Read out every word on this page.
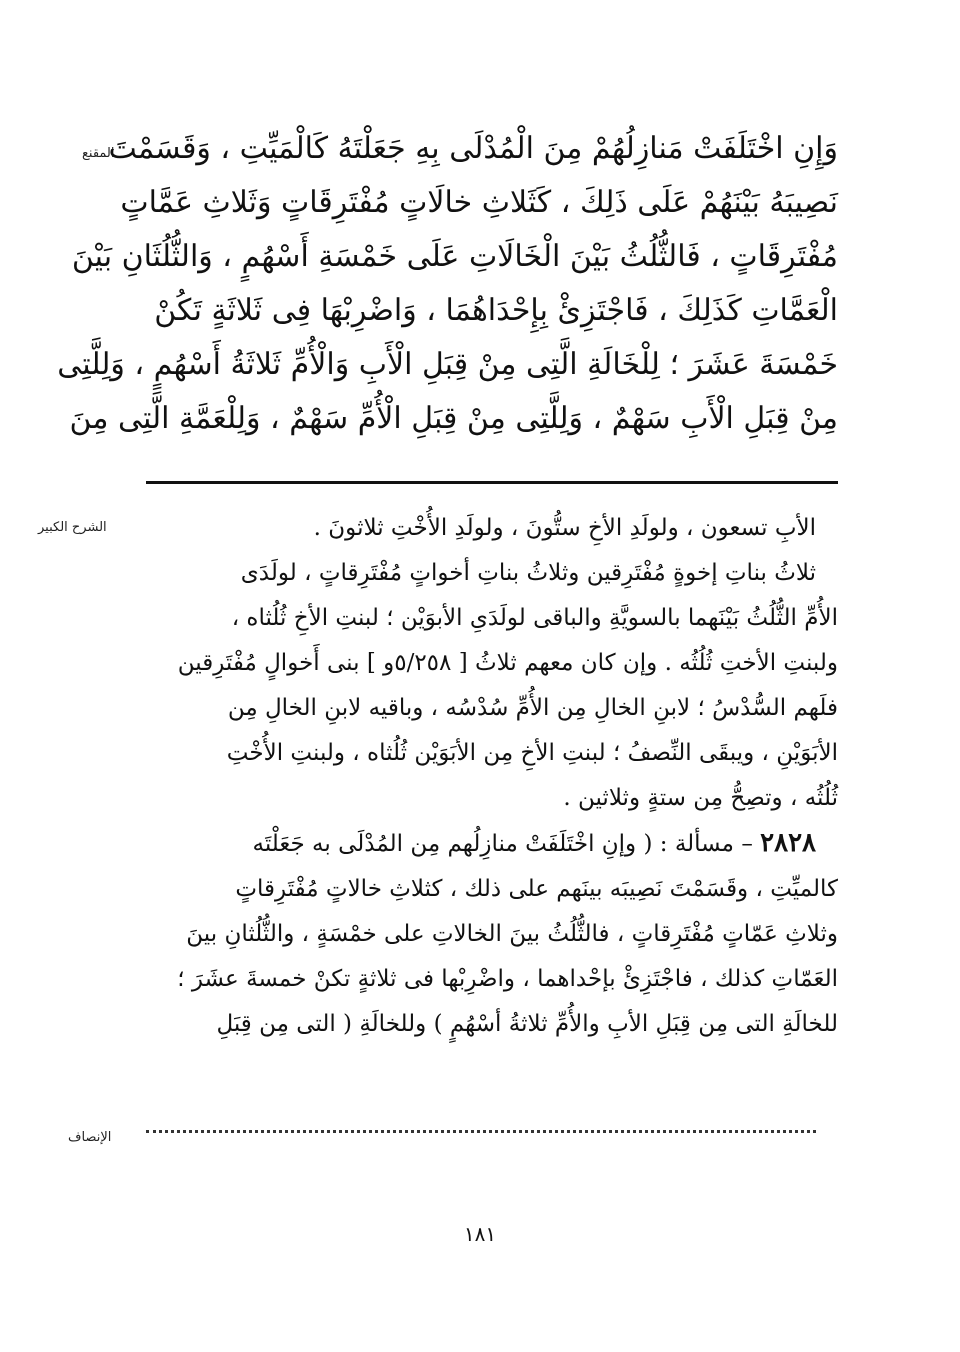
المقنع
الشرح الكبير
الإنصاف
وَإِنِ اخْتَلَفَتْ مَنازِلُهُمْ مِنَ الْمُدْلَى بِهِ جَعَلْتَهُ كَالْمَيِّتِ ، وَقَسَمْتَ
نَصِيبَهُ بَيْنَهُمْ عَلَى ذَلِكَ ، كَثَلاثِ خالَاتٍ مُفْتَرِقَاتٍ وَثَلاثِ عَمَّاتٍ
مُفْتَرِقَاتٍ ، فَالثُّلُثُ بَيْنَ الْخَالَاتِ عَلَى خَمْسَةِ أَسْهُمٍ ، وَالثُّلُثَانِ بَيْنَ
الْعَمَّاتِ كَذَلِكَ ، فَاجْتَزِئْ بِإِحْدَاهُمَا ، وَاضْرِبْهَا فِى ثَلاثَةٍ تَكُنْ
خَمْسَةَ عَشَرَ ؛ لِلْخَالَةِ الَّتِى مِنْ قِبَلِ الْأَبِ وَالْأُمِّ ثَلاثَةُ أَسْهُمٍ ، وَلِلَّتِى
مِنْ قِبَلِ الْأَبِ سَهْمٌ ، وَلِلَّتِى مِنْ قِبَلِ الْأُمِّ سَهْمٌ ، وَلِلْعَمَّةِ الَّتِى مِنَ
الأبِ تسعون ، ولولَدِ الأخِ ستُّونَ ، ولولَدِ الأُخْتِ ثلاثونَ .
ثلاثُ بناتِ إخوةٍ مُفْتَرِقين وثلاثُ بناتِ أخواتٍ مُفْتَرِقاتٍ ، لولَدَى
الأُمِّ الثُّلُثُ بَيْنَهما بالسويَّةِ والباقى لولَدَىِ الأبوَيْن ؛ لبنتِ الأخِ ثُلُثاه ،
ولبنتِ الأختِ ثُلُثُه . وإن كان معهم ثلاثُ [ ٥/٢٥٨و ] بنى أَخوالٍ مُفْتَرِقين
فلَهم السُّدْسُ ؛ لابنِ الخالِ مِن الأُمِّ سُدْسُه ، وباقيه لابنِ الخالِ مِن
الأبَوَيْنِ ، ويبقَى النِّصفُ ؛ لبنتِ الأخِ مِن الأبَوَيْن ثُلُثاه ، ولبنتِ الأُخْتِ
ثُلُثُه ، وتصِحُّ مِن ستةٍ وثلاثين .
٢٨٢٨ – مسألة : ( وإنِ اخْتَلَفَتْ منازِلُهم مِن المُدْلَى به جَعَلْتَه
كالميِّتِ ، وقَسَمْتَ نَصِيبَه بينَهم على ذلك ، كثلاثِ خالاتٍ مُفْتَرِقاتٍ
وثلاثِ عَمّاتٍ مُفْتَرِقاتٍ ، فالثُّلُثُ بينَ الخالاتِ على خمْسَةٍ ، والثُّلُثانِ بينَ
العَمّاتِ كذلك ، فاجْتَزِئْ بإحْداهما ، واضْرِبْها فى ثلاثةٍ تكنْ خمسةَ عشَرَ ؛
للخالَةِ التى مِن قِبَلِ الأبِ والأُمِّ ثلاثةُ أسْهُمٍ ) وللخالَةِ ( التى مِن قِبَلِ
١٨١
